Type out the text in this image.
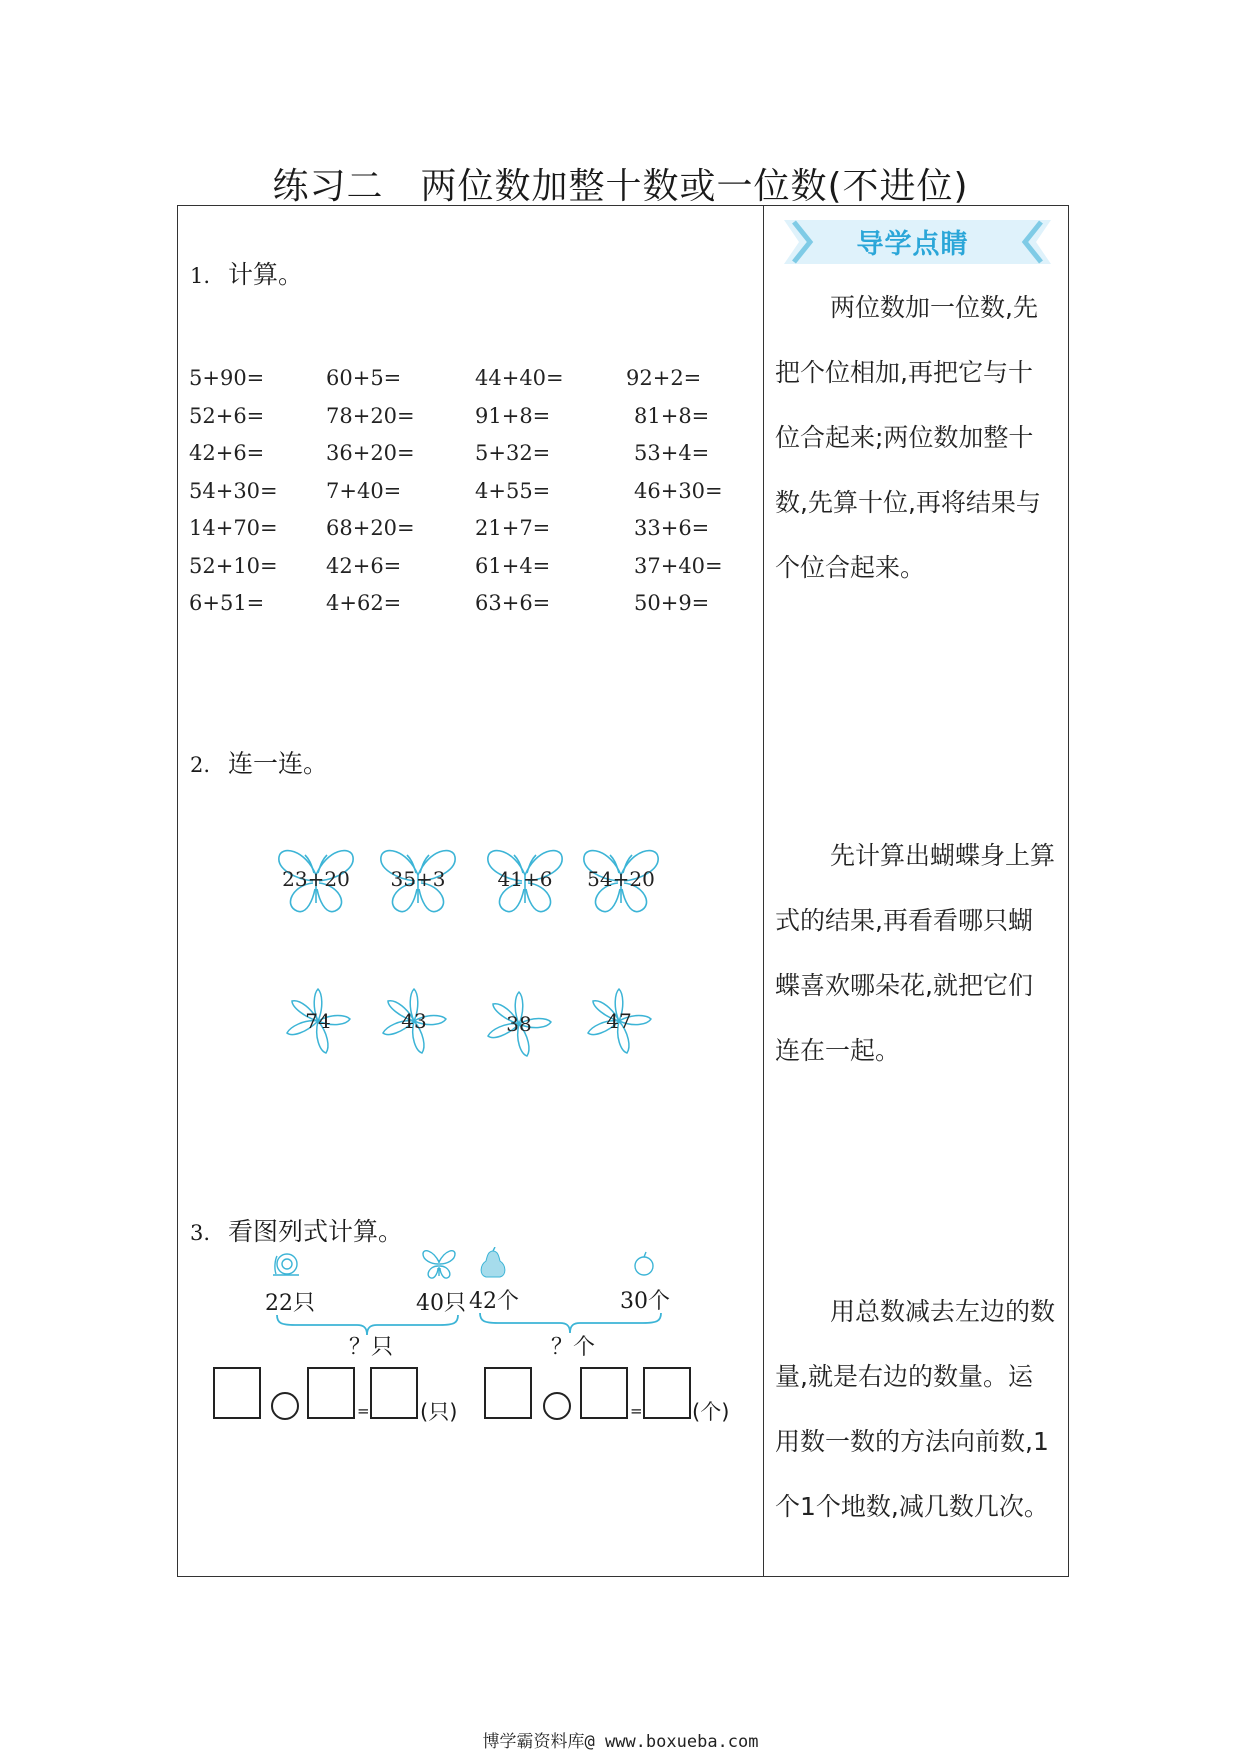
练习二　两位数加整十数或一位数(不进位)
1. 计算。
5+90=	60+5=	44+40=	92+2=
52+6=	78+20=	91+8=	81+8=
42+6=	36+20=	5+32=	53+4=
54+30= 7+40=	4+55=	46+30=
14+70= 68+20=	21+7=	33+6=
52+10= 42+6=	61+4=	37+40=
6+51=	4+62=	63+6=	50+9=
2. 连一连。
23+20	35+3	41+6	54+20
74	43	38	47
3. 看图列式计算。
22只	40只 42个	30个
？只	？个
= (只)	= (个)
导学点睛

两位数加一位数,先把个位相加,再把它与十位合起来;两位数加整十数,先算十位,再将结果与个位合起来。

先计算出蝴蝶身上算式的结果,再看看哪只蝴蝶喜欢哪朵花,就把它们连在一起。

用总数减去左边的数量,就是右边的数量。运用数一数的方法向前数,1个1个地数,减几数几次。

博学霸资料库@ www.boxueba.com
